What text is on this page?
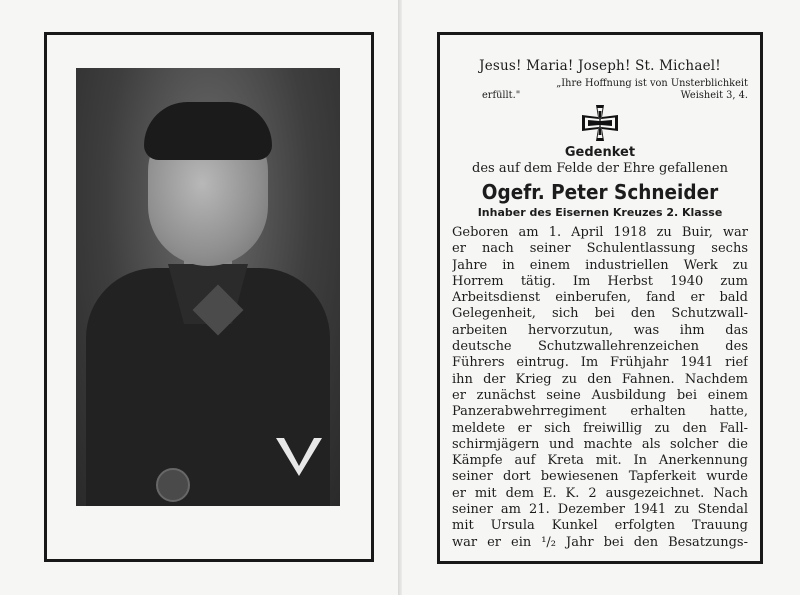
Jesus! Maria! Joseph! St. Michael!
„Ihre Hoffnung ist von Unsterblichkeit
erfüllt."	Weisheit 3, 4.
Gedenket
des auf dem Felde der Ehre gefallenen
Ogefr. Peter Schneider
Inhaber des Eisernen Kreuzes 2. Klasse
Geboren am 1. April 1918 zu Buir, war
er nach seiner Schulentlassung sechs
Jahre in einem industriellen Werk zu
Horrem tätig. Im Herbst 1940 zum
Arbeitsdienst einberufen, fand er bald
Gelegenheit, sich bei den Schutzwall-
arbeiten hervorzutun, was ihm das
deutsche Schutzwallehrenzeichen des
Führers eintrug. Im Frühjahr 1941 rief
ihn der Krieg zu den Fahnen. Nachdem
er zunächst seine Ausbildung bei einem
Panzerabwehrregiment erhalten hatte,
meldete er sich freiwillig zu den Fall-
schirmjägern und machte als solcher die
Kämpfe auf Kreta mit. In Anerkennung
seiner dort bewiesenen Tapferkeit wurde
er mit dem E. K. 2 ausgezeichnet. Nach
seiner am 21. Dezember 1941 zu Stendal
mit Ursula Kunkel erfolgten Trauung
war er ein ¹/₂ Jahr bei den Besatzungs-
